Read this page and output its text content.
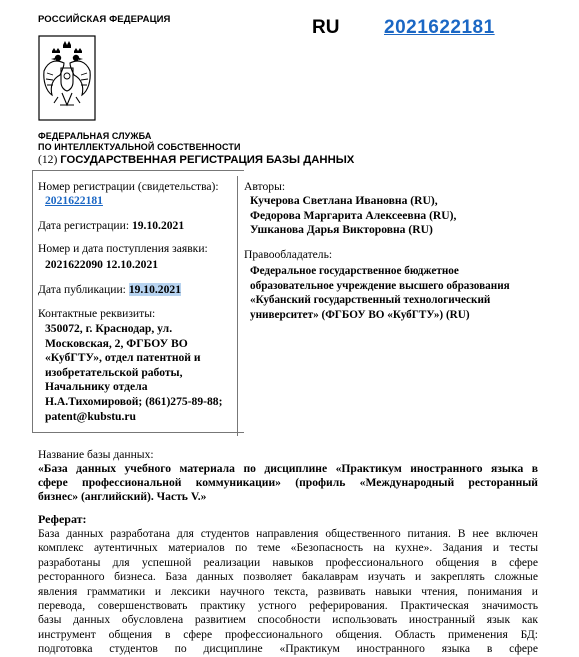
РОССИЙСКАЯ ФЕДЕРАЦИЯ	RU 2021622181
ФЕДЕРАЛЬНАЯ СЛУЖБА
ПО ИНТЕЛЛЕКТУАЛЬНОЙ СОБСТВЕННОСТИ
(12) ГОСУДАРСТВЕННАЯ РЕГИСТРАЦИЯ БАЗЫ ДАННЫХ
Номер регистрации (свидетельства):
2021622181
Дата регистрации: 19.10.2021
Номер и дата поступления заявки:
2021622090 12.10.2021
Дата публикации: 19.10.2021
Контактные реквизиты:
350072, г. Краснодар, ул.
Московская, 2, ФГБОУ ВО
«КубГТУ», отдел патентной и
изобретательской работы,
Начальнику отдела
Н.А.Тихомировой; (861)275-89-88;
patent@kubstu.ru
Авторы:
Кучерова Светлана Ивановна (RU),
Федорова Маргарита Алексеевна (RU),
Ушканова Дарья Викторовна (RU)
Правообладатель:
Федеральное государственное бюджетное
образовательное учреждение высшего образования
«Кубанский государственный технологический
университет» (ФГБОУ ВО «КубГТУ») (RU)
Название базы данных:
«База данных учебного материала по дисциплине «Практикум иностранного языка в
сфере профессиональной коммуникации» (профиль «Международный ресторанный
бизнес» (английский). Часть V.»
Реферат:
База данных разработана для студентов направления общественного питания. В нее включен
комплекс аутентичных материалов по теме «Безопасность на кухне». Задания и тесты
разработаны для успешной реализации навыков профессионального общения в сфере
ресторанного бизнеса. База данных позволяет бакалаврам изучать и закреплять сложные
явления грамматики и лексики научного текста, развивать навыки чтения, понимания и
перевода, совершенствовать практику устного реферирования. Практическая значимость
базы данных обусловлена развитием способности использовать иностранный язык как
инструмент общения в сфере профессионального общения. Область применения БД:
подготовка студентов по дисциплине «Практикум иностранного языка в сфере
